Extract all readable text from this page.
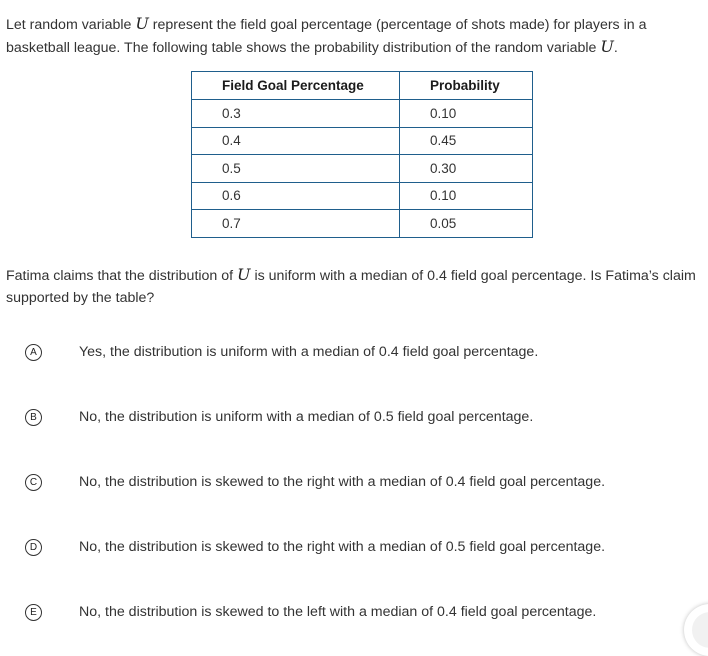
Let random variable U represent the field goal percentage (percentage of shots made) for players in a basketball league. The following table shows the probability distribution of the random variable U.
Field Goal Percentage	Probability
0.3	0.10
0.4	0.45
0.5	0.30
0.6	0.10
0.7	0.05
Fatima claims that the distribution of U is uniform with a median of 0.4 field goal percentage. Is Fatima’s claim supported by the table?
A	Yes, the distribution is uniform with a median of 0.4 field goal percentage.
B	No, the distribution is uniform with a median of 0.5 field goal percentage.
C	No, the distribution is skewed to the right with a median of 0.4 field goal percentage.
D	No, the distribution is skewed to the right with a median of 0.5 field goal percentage.
E	No, the distribution is skewed to the left with a median of 0.4 field goal percentage.
